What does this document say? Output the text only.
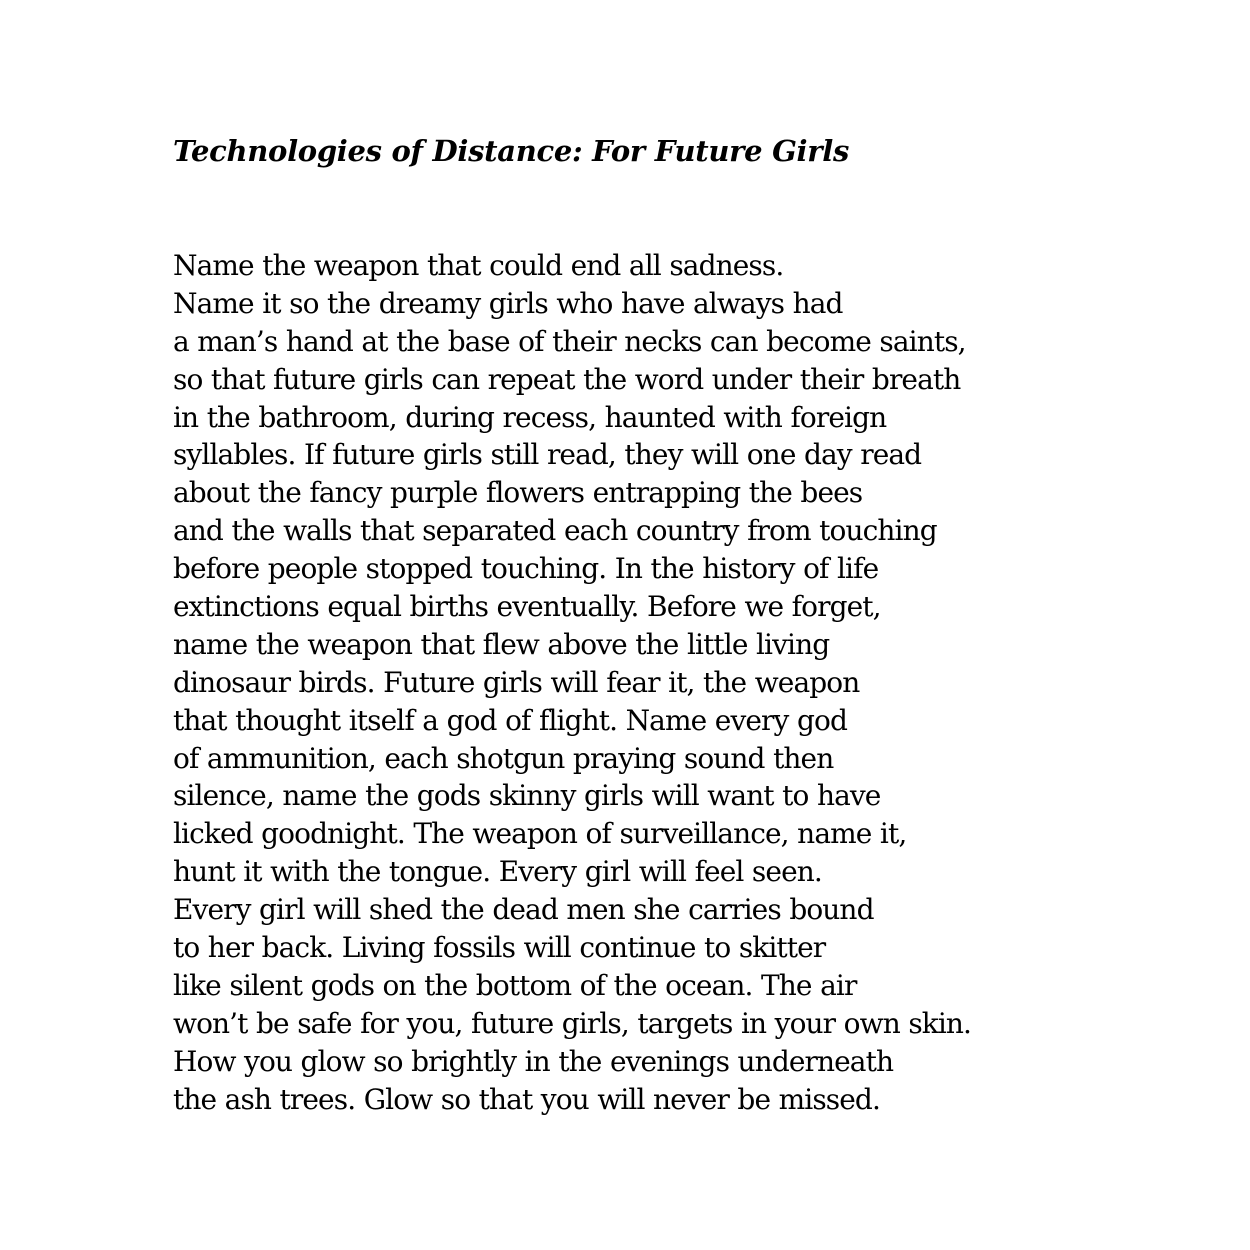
Technologies of Distance: For Future Girls
Name the weapon that could end all sadness.
Name it so the dreamy girls who have always had
a man’s hand at the base of their necks can become saints,
so that future girls can repeat the word under their breath
in the bathroom, during recess, haunted with foreign
syllables. If future girls still read, they will one day read
about the fancy purple flowers entrapping the bees
and the walls that separated each country from touching
before people stopped touching. In the history of life
extinctions equal births eventually. Before we forget,
name the weapon that flew above the little living
dinosaur birds. Future girls will fear it, the weapon
that thought itself a god of flight. Name every god
of ammunition, each shotgun praying sound then
silence, name the gods skinny girls will want to have
licked goodnight. The weapon of surveillance, name it,
hunt it with the tongue. Every girl will feel seen.
Every girl will shed the dead men she carries bound
to her back. Living fossils will continue to skitter
like silent gods on the bottom of the ocean. The air
won’t be safe for you, future girls, targets in your own skin.
How you glow so brightly in the evenings underneath
the ash trees. Glow so that you will never be missed.
